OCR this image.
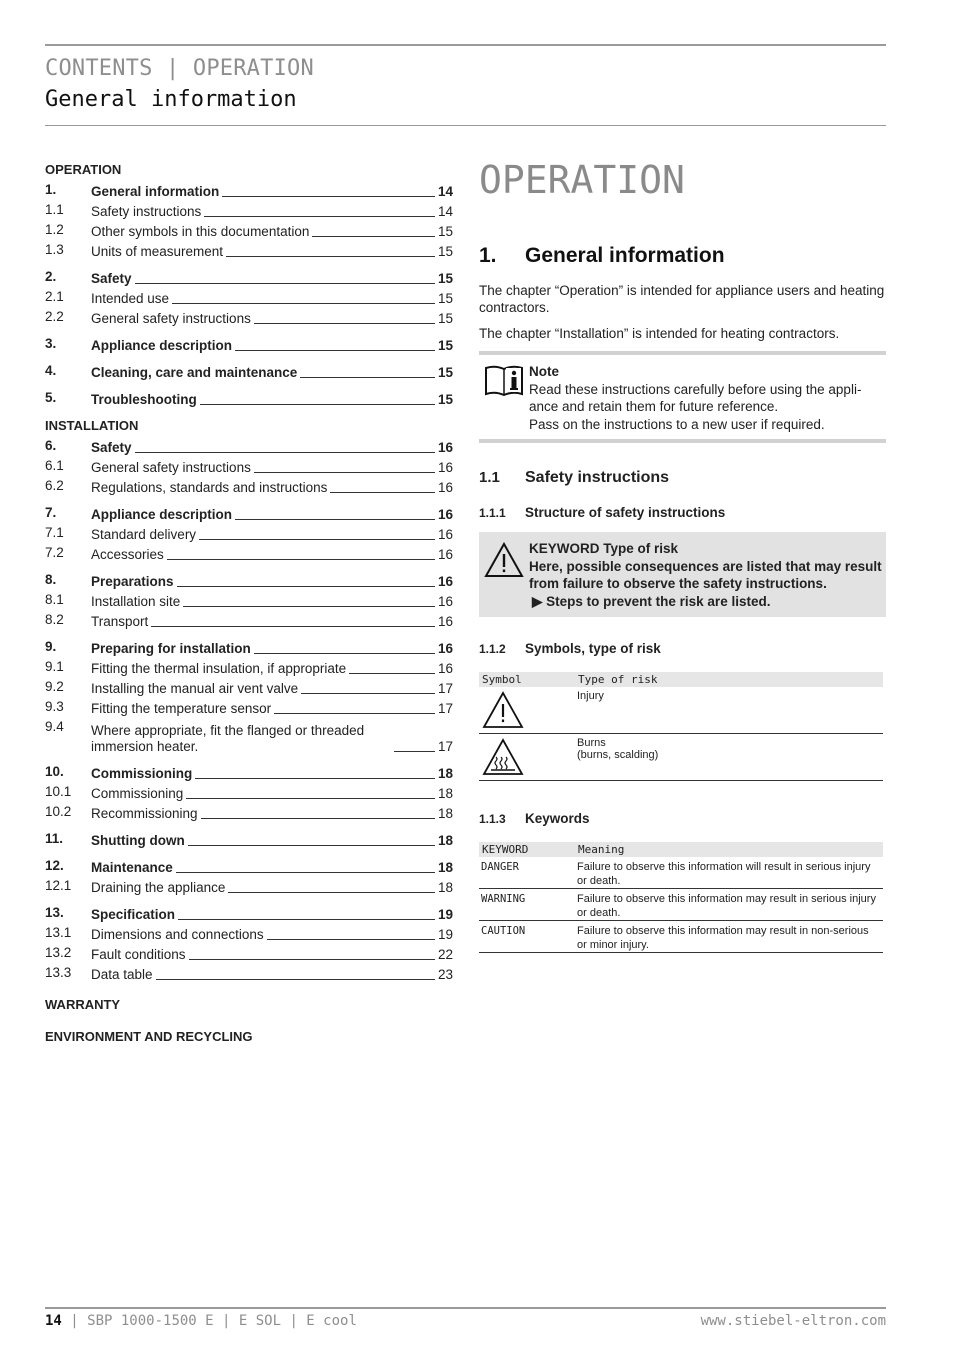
CONTENTS | OPERATION
General information
OPERATION
1.	General information	14
1.1	Safety instructions	14
1.2	Other symbols in this documentation	15
1.3	Units of measurement	15
2.	Safety	15
2.1	Intended use	15
2.2	General safety instructions	15
3.	Appliance description	15
4.	Cleaning, care and maintenance	15
5.	Troubleshooting	15
INSTALLATION
6.	Safety	16
6.1	General safety instructions	16
6.2	Regulations, standards and instructions	16
7.	Appliance description	16
7.1	Standard delivery	16
7.2	Accessories	16
8.	Preparations	16
8.1	Installation site	16
8.2	Transport	16
9.	Preparing for installation	16
9.1	Fitting the thermal insulation, if appropriate	16
9.2	Installing the manual air vent valve	17
9.3	Fitting the temperature sensor	17
9.4	Where appropriate, fit the flanged or threaded
immersion heater.	17
10.	Commissioning	18
10.1	Commissioning	18
10.2	Recommissioning	18
11.	Shutting down	18
12.	Maintenance	18
12.1	Draining the appliance	18
13.	Specification	19
13.1	Dimensions and connections	19
13.2	Fault conditions	22
13.3	Data table	23
WARRANTY
ENVIRONMENT AND RECYCLING
OPERATION
1. General information

The chapter “Operation” is intended for appliance users and heating contractors.

The chapter “Installation” is intended for heating contractors.

Note
Read these instructions carefully before using the appliance and retain them for future reference.
Pass on the instructions to a new user if required.
1.1	Safety instructions
1.1.1	Structure of safety instructions
KEYWORD Type of risk
Here, possible consequences are listed that may result from failure to observe the safety instructions.
▶ Steps to prevent the risk are listed.
1.1.2	Symbols, type of risk
Symbol	Type of risk

Injury

Burns
(burns, scalding)
1.1.3	Keywords
KEYWORD	Meaning
DANGER	Failure to observe this information will result in serious injury or death.
WARNING	Failure to observe this information may result in serious injury or death.
CAUTION	Failure to observe this information may result in non-serious or minor injury.
14 | SBP 1000-1500 E | E SOL | E cool	www.stiebel-eltron.com
